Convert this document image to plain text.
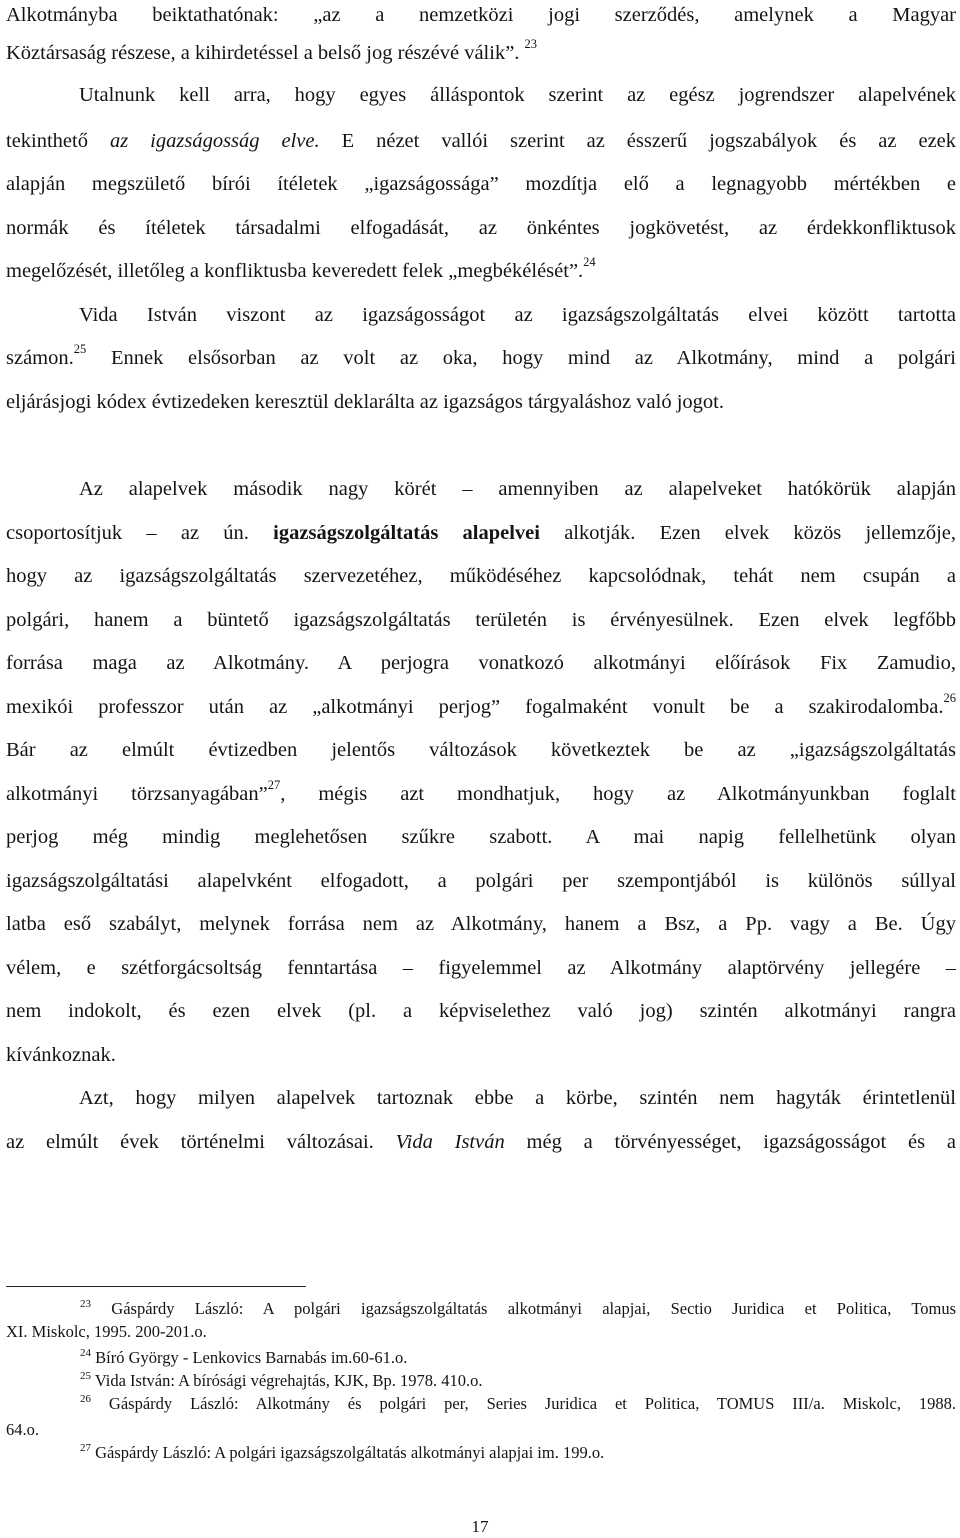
Alkotmányba beiktathatónak: „az a nemzetközi jogi szerződés, amelynek a Magyar
Köztársaság részese, a kihirdetéssel a belső jog részévé válik”. $^{23}$
Utalnunk kell arra, hogy egyes álláspontok szerint az egész jogrendszer alapelvének
tekinthető az igazságosság elve. E nézet vallói szerint az ésszerű jogszabályok és az ezek
alapján megszülető bírói ítéletek „igazságossága” mozdítja elő a legnagyobb mértékben e
normák és ítéletek társadalmi elfogadását, az önkéntes jogkövetést, az érdekkonfliktusok
megelőzését, illetőleg a konfliktusba keveredett felek „megbékélését”.$^{24}$
Vida István viszont az igazságosságot az igazságszolgáltatás elvei között tartotta
számon.$^{25}$ Ennek elsősorban az volt az oka, hogy mind az Alkotmány, mind a polgári
eljárásjogi kódex évtizedeken keresztül deklarálta az igazságos tárgyaláshoz való jogot.
Az alapelvek második nagy körét – amennyiben az alapelveket hatókörük alapján
csoportosítjuk – az ún. igazságszolgáltatás alapelvei alkotják. Ezen elvek közös jellemzője,
hogy az igazságszolgáltatás szervezetéhez, működéséhez kapcsolódnak, tehát nem csupán a
polgári, hanem a büntető igazságszolgáltatás területén is érvényesülnek. Ezen elvek legfőbb
forrása maga az Alkotmány. A perjogra vonatkozó alkotmányi előírások Fix Zamudio,
mexikói professzor után az „alkotmányi perjog” fogalmaként vonult be a szakirodalomba.$^{26}$
Bár az elmúlt évtizedben jelentős változások következtek be az „igazságszolgáltatás
alkotmányi törzsanyagában”$^{27}$, mégis azt mondhatjuk, hogy az Alkotmányunkban foglalt
perjog még mindig meglehetősen szűkre szabott. A mai napig fellelhetünk olyan
igazságszolgáltatási alapelvként elfogadott, a polgári per szempontjából is különös súllyal
latba eső szabályt, melynek forrása nem az Alkotmány, hanem a Bsz, a Pp. vagy a Be. Úgy
vélem, e szétforgácsoltság fenntartása – figyelemmel az Alkotmány alaptörvény jellegére –
nem indokolt, és ezen elvek (pl. a képviselethez való jog) szintén alkotmányi rangra
kívánkoznak.
Azt, hogy milyen alapelvek tartoznak ebbe a körbe, szintén nem hagyták érintetlenül
az elmúlt évek történelmi változásai. Vida István még a törvényességet, igazságosságot és a
$^{23}$ Gáspárdy László: A polgári igazságszolgáltatás alkotmányi alapjai, Sectio Juridica et Politica, Tomus
XI. Miskolc, 1995. 200-201.o.
$^{24}$ Bíró György - Lenkovics Barnabás im.60-61.o.
$^{25}$ Vida István: A bírósági végrehajtás, KJK, Bp. 1978. 410.o.
$^{26}$ Gáspárdy László: Alkotmány és polgári per, Series Juridica et Politica, TOMUS III/a. Miskolc, 1988.
64.o.
$^{27}$ Gáspárdy László: A polgári igazságszolgáltatás alkotmányi alapjai im. 199.o.
17
